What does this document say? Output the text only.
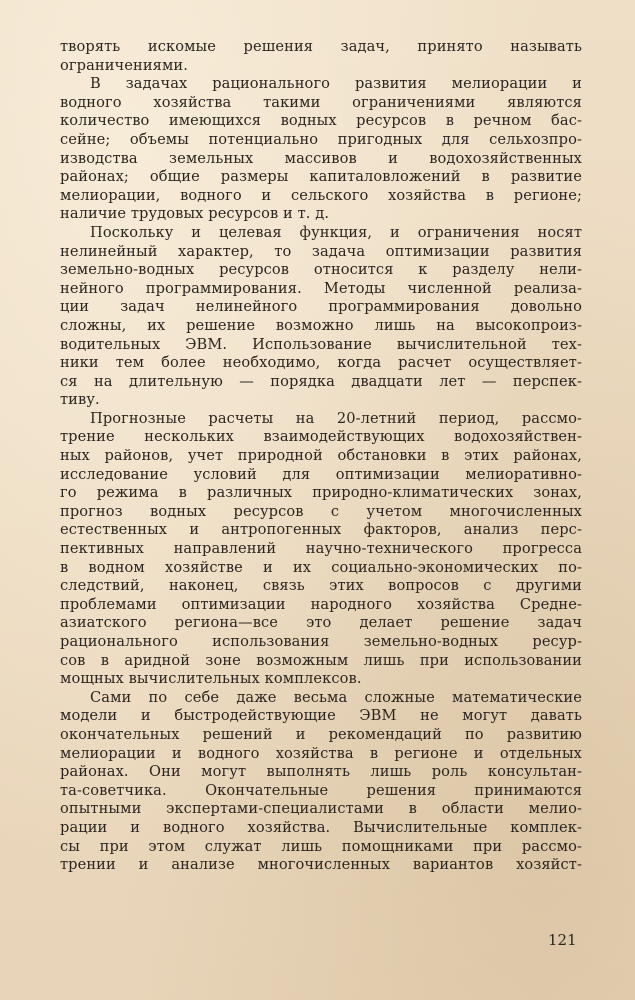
творять искомые решения задач, принято называть
ограничениями.
В задачах рационального развития мелиорации и
водного хозяйства такими ограничениями являются
количество имеющихся водных ресурсов в речном бас-
сейне; объемы потенциально пригодных для сельхозпро-
изводства земельных массивов и водохозяйственных
районах; общие размеры капиталовложений в развитие
мелиорации, водного и сельского хозяйства в регионе;
наличие трудовых ресурсов и т. д.
Поскольку и целевая функция, и ограничения носят
нелинейный характер, то задача оптимизации развития
земельно-водных ресурсов относится к разделу нели-
нейного программирования. Методы численной реализа-
ции задач нелинейного программирования довольно
сложны, их решение возможно лишь на высокопроиз-
водительных ЭВМ. Использование вычислительной тех-
ники тем более необходимо, когда расчет осуществляет-
ся на длительную — порядка двадцати лет — перспек-
тиву.
Прогнозные расчеты на 20-летний период, рассмо-
трение нескольких взаимодействующих водохозяйствен-
ных районов, учет природной обстановки в этих районах,
исследование условий для оптимизации мелиоративно-
го режима в различных природно-климатических зонах,
прогноз водных ресурсов с учетом многочисленных
естественных и антропогенных факторов, анализ перс-
пективных направлений научно-технического прогресса
в водном хозяйстве и их социально-экономических по-
следствий, наконец, связь этих вопросов с другими
проблемами оптимизации народного хозяйства Средне-
азиатского региона—все это делает решение задач
рационального использования земельно-водных ресур-
сов в аридной зоне возможным лишь при использовании
мощных вычислительных комплексов.
Сами по себе даже весьма сложные математические
модели и быстродействующие ЭВМ не могут давать
окончательных решений и рекомендаций по развитию
мелиорации и водного хозяйства в регионе и отдельных
районах. Они могут выполнять лишь роль консультан-
та-советчика. Окончательные решения принимаются
опытными экспертами-специалистами в области мелио-
рации и водного хозяйства. Вычислительные комплек-
сы при этом служат лишь помощниками при рассмо-
трении и анализе многочисленных вариантов хозяйст-
121
